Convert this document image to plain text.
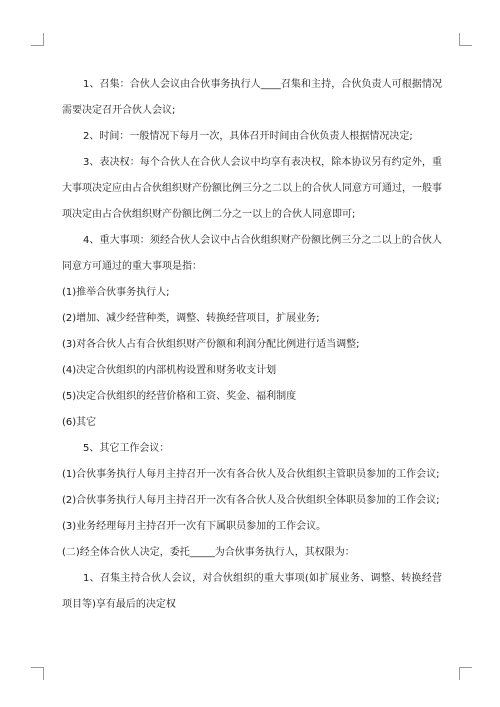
1、召集：合伙人会议由合伙事务执行人____召集和主持，合伙负责人可根据情况需要决定召开合伙人会议;

2、时间：一般情况下每月一次，具体召开时间由合伙负责人根据情况决定;

3、表决权：每个合伙人在合伙人会议中均享有表决权，除本协议另有约定外，重大事项决定应由占合伙组织财产份额比例三分之二以上的合伙人同意方可通过，一般事项决定由占合伙组织财产份额比例二分之一以上的合伙人同意即可;

4、重大事项：须经合伙人会议中占合伙组织财产份额比例三分之二以上的合伙人同意方可通过的重大事项是指：

(1)推举合伙事务执行人;

(2)增加、减少经营种类，调整、转换经营项目，扩展业务;

(3)对各合伙人占有合伙组织财产份额和利润分配比例进行适当调整;

(4)决定合伙组织的内部机构设置和财务收支计划

(5)决定合伙组织的经营价格和工资、奖金、福利制度

(6)其它

5、其它工作会议：

(1)合伙事务执行人每月主持召开一次有各合伙人及合伙组织主管职员参加的工作会议;

(2)合伙事务执行人每月主持召开一次有各合伙人及合伙组织全体职员参加的工作会议;

(3)业务经理每月主持召开一次有下属职员参加的工作会议。

(二)经全体合伙人决定，委托_____为合伙事务执行人，其权限为：

1、召集主持合伙人会议，对合伙组织的重大事项(如扩展业务、调整、转换经营项目等)享有最后的决定权
